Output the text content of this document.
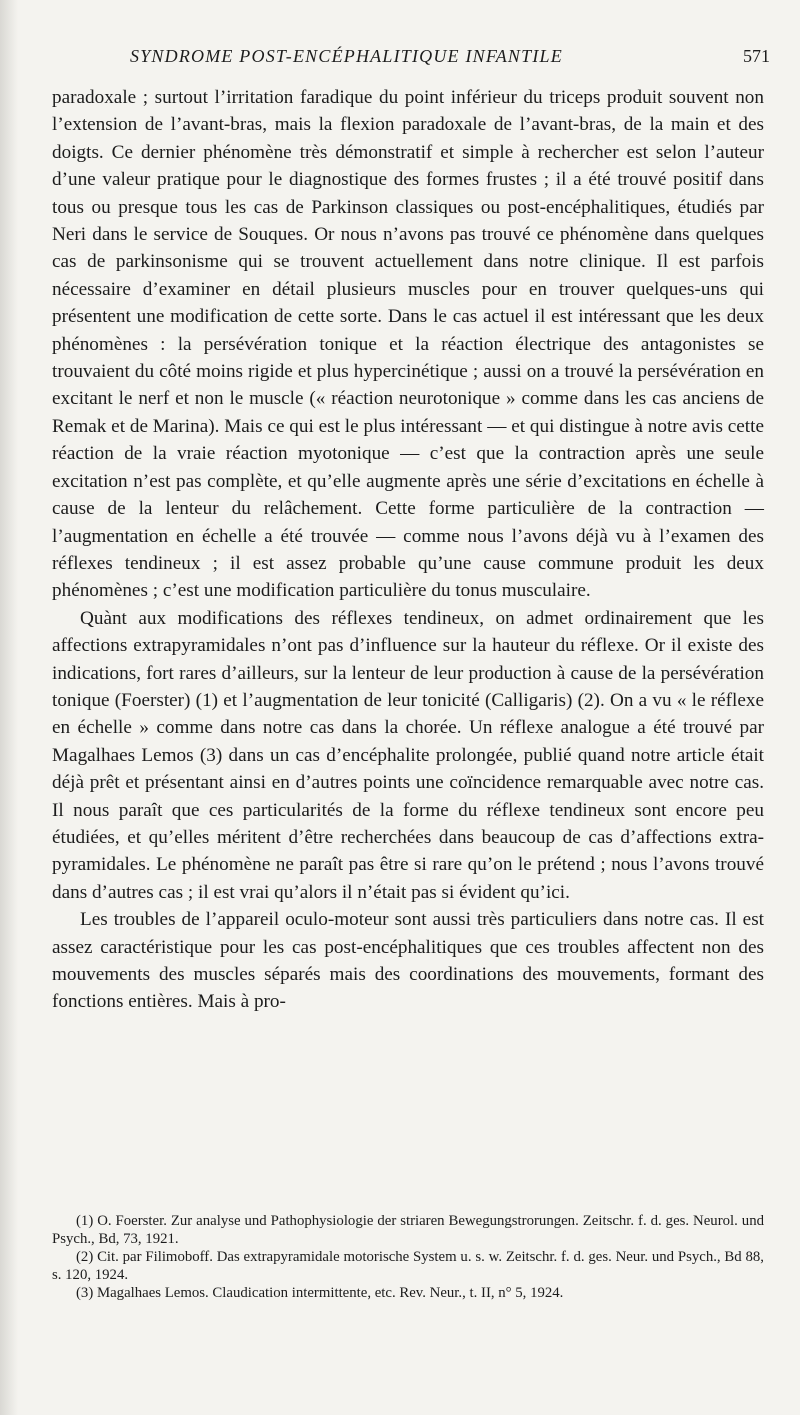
SYNDROME POST-ENCÉPHALITIQUE INFANTILE	571

paradoxale ; surtout l’irritation faradique du point inférieur du triceps produit souvent non l’extension de l’avant-bras, mais la flexion paradoxale de l’avant-bras, de la main et des doigts. Ce dernier phénomène très démonstratif et simple à rechercher est selon l’auteur d’une valeur pratique pour le diagnostique des formes frustes ; il a été trouvé positif dans tous ou presque tous les cas de Parkinson classiques ou post-encéphalitiques, étudiés par Neri dans le service de Souques. Or nous n’avons pas trouvé ce phénomène dans quelques cas de parkinsonisme qui se trouvent actuellement dans notre clinique. Il est parfois nécessaire d’examiner en détail plusieurs muscles pour en trouver quelques-uns qui présentent une modification de cette sorte. Dans le cas actuel il est intéressant que les deux phénomènes : la persévération tonique et la réaction électrique des antagonistes se trouvaient du côté moins rigide et plus hypercinétique ; aussi on a trouvé la persévération en excitant le nerf et non le muscle (« réaction neurotonique » comme dans les cas anciens de Remak et de Marina). Mais ce qui est le plus intéressant — et qui distingue à notre avis cette réaction de la vraie réaction myotonique — c’est que la contraction après une seule excitation n’est pas complète, et qu’elle augmente après une série d’excitations en échelle à cause de la lenteur du relâchement. Cette forme particulière de la contraction — l’augmentation en échelle a été trouvée — comme nous l’avons déjà vu à l’examen des réflexes tendineux ; il est assez probable qu’une cause commune produit les deux phénomènes ; c’est une modification particulière du tonus musculaire.

Quànt aux modifications des réflexes tendineux, on admet ordinairement que les affections extrapyramidales n’ont pas d’influence sur la hauteur du réflexe. Or il existe des indications, fort rares d’ailleurs, sur la lenteur de leur production à cause de la persévération tonique (Foerster) (1) et l’augmentation de leur tonicité (Calligaris) (2). On a vu « le réflexe en échelle » comme dans notre cas dans la chorée. Un réflexe analogue a été trouvé par Magalhaes Lemos (3) dans un cas d’encéphalite prolongée, publié quand notre article était déjà prêt et présentant ainsi en d’autres points une coïncidence remarquable avec notre cas. Il nous paraît que ces particularités de la forme du réflexe tendineux sont encore peu étudiées, et qu’elles méritent d’être recherchées dans beaucoup de cas d’affections extra-pyramidales. Le phénomène ne paraît pas être si rare qu’on le prétend ; nous l’avons trouvé dans d’autres cas ; il est vrai qu’alors il n’était pas si évident qu’ici.

Les troubles de l’appareil oculo-moteur sont aussi très particuliers dans notre cas. Il est assez caractéristique pour les cas post-encéphalitiques que ces troubles affectent non des mouvements des muscles séparés mais des coordinations des mouvements, formant des fonctions entières. Mais à pro-

(1) O. Foerster. Zur analyse und Pathophysiologie der striaren Bewegungstrorungen. Zeitschr. f. d. ges. Neurol. und Psych., Bd, 73, 1921.

(2) Cit. par Filimoboff. Das extrapyramidale motorische System u. s. w. Zeitschr. f. d. ges. Neur. und Psych., Bd 88, s. 120, 1924.

(3) Magalhaes Lemos. Claudication intermittente, etc. Rev. Neur., t. II, n° 5, 1924.
